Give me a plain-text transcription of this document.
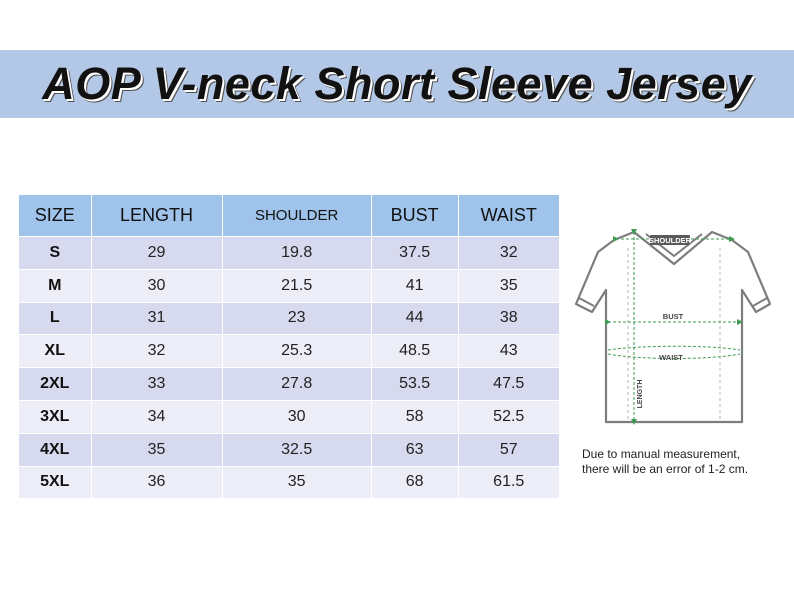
AOP V-neck Short Sleeve Jersey
SIZE	LENGTH	SHOULDER	BUST	WAIST
S	29	19.8	37.5	32
M	30	21.5	41	35
L	31	23	44	38
XL	32	25.3	48.5	43
2XL	33	27.8	53.5	47.5
3XL	34	30	58	52.5
4XL	35	32.5	63	57
5XL	36	35	68	61.5
SHOULDER
BUST
WAIST
LENGTH
Due to manual measurement,
there will be an error of 1-2 cm.
